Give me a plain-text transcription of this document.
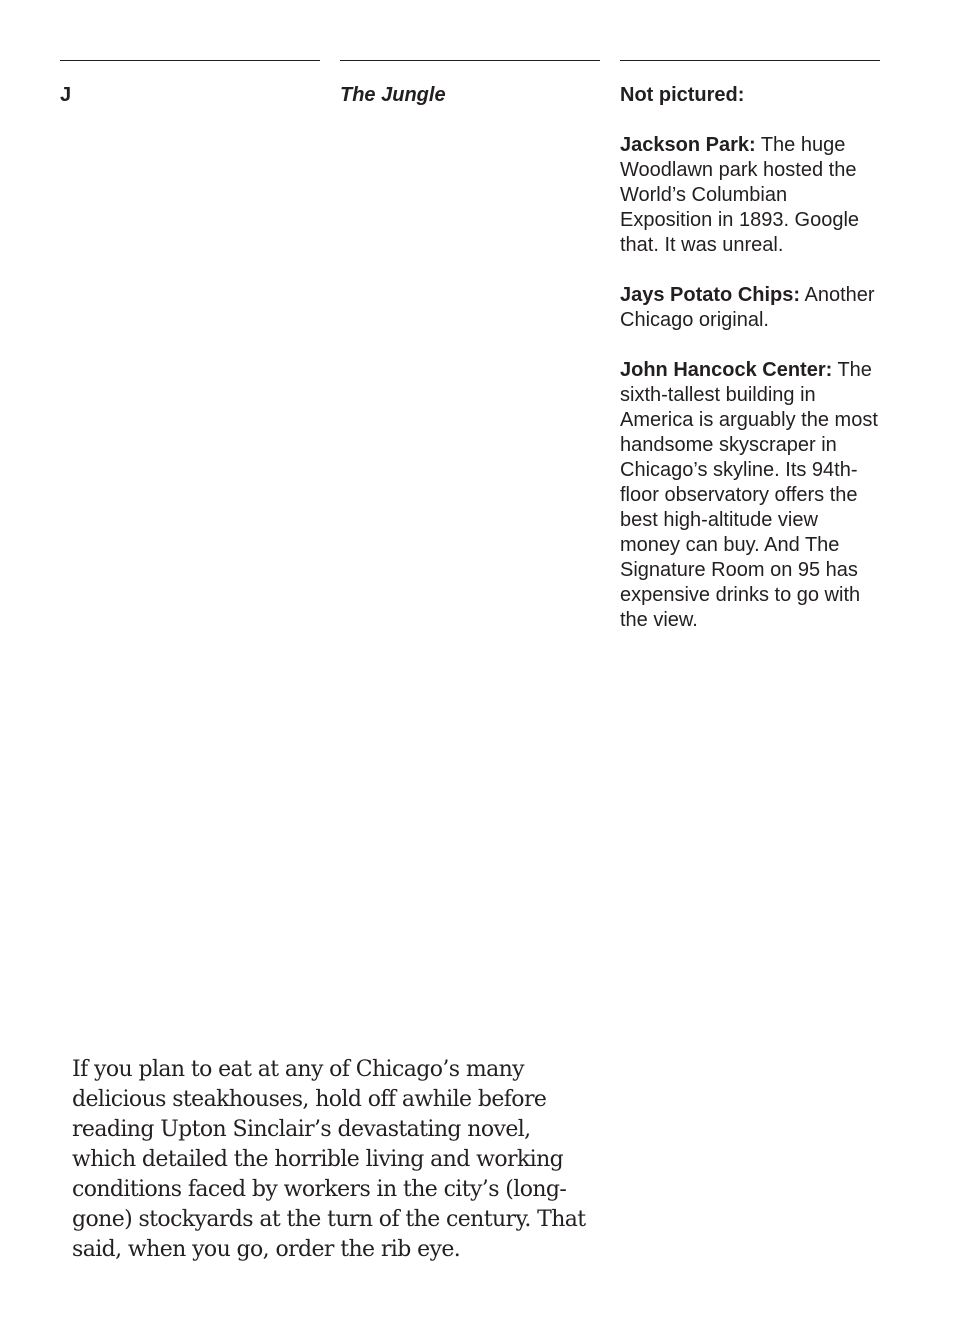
J	The Jungle	Not pictured:
Jackson Park: The huge Woodlawn park hosted the World’s Columbian Exposition in 1893. Google that. It was unreal.
Jays Potato Chips: Another Chicago original.
John Hancock Center: The sixth-tallest building in America is arguably the most handsome skyscraper in Chicago’s skyline. Its 94th-floor observatory offers the best high-altitude view money can buy. And The Signature Room on 95 has expensive drinks to go with the view.

If you plan to eat at any of Chicago’s many delicious steakhouses, hold off awhile before reading Upton Sinclair’s devastating novel, which detailed the horrible living and working conditions faced by workers in the city’s (long-gone) stockyards at the turn of the century. That said, when you go, order the rib eye.
